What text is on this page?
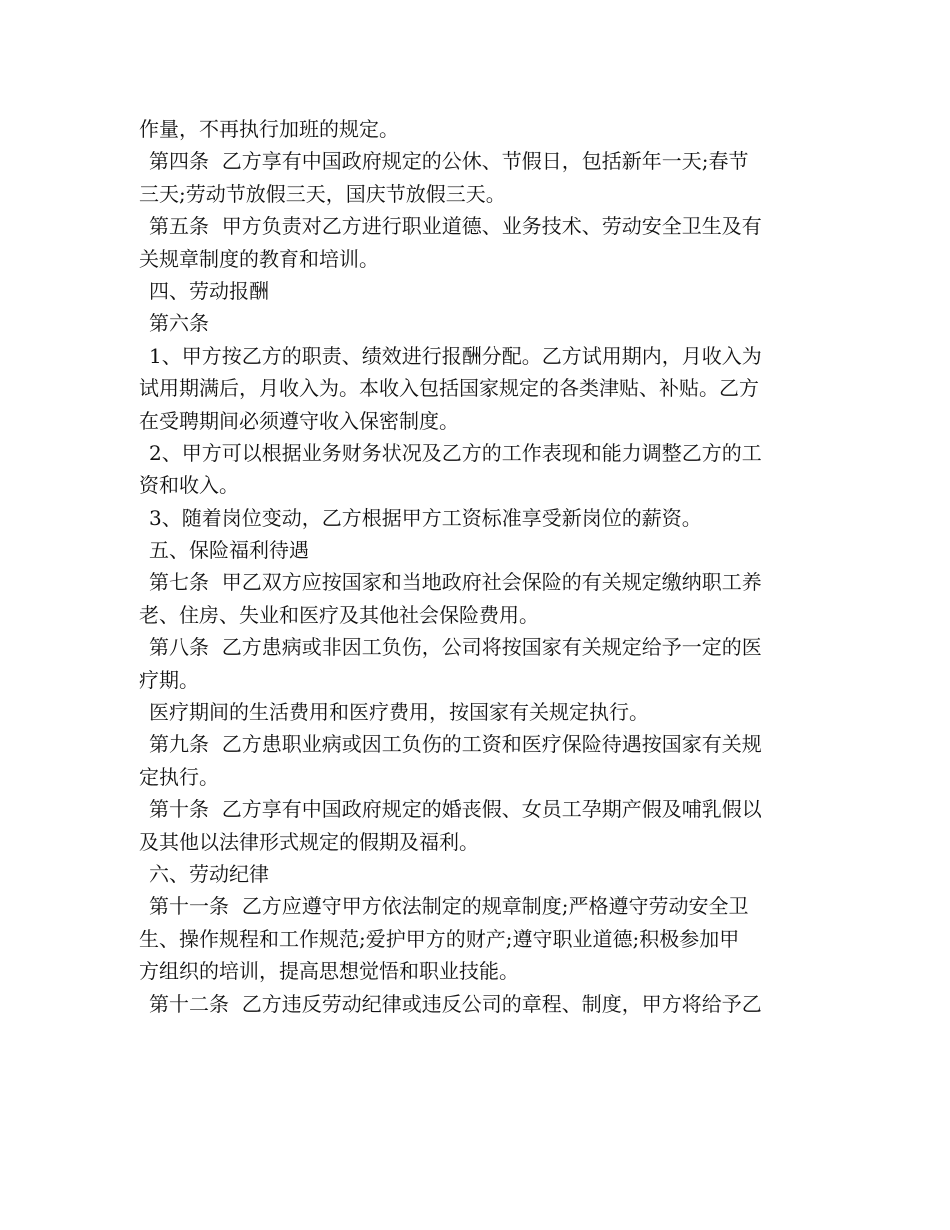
作量，不再执行加班的规定。
第四条  乙方享有中国政府规定的公休、节假日，包括新年一天;春节
三天;劳动节放假三天，国庆节放假三天。
第五条  甲方负责对乙方进行职业道德、业务技术、劳动安全卫生及有
关规章制度的教育和培训。
四、劳动报酬
第六条
1、甲方按乙方的职责、绩效进行报酬分配。乙方试用期内，月收入为
试用期满后，月收入为。本收入包括国家规定的各类津贴、补贴。乙方
在受聘期间必须遵守收入保密制度。
2、甲方可以根据业务财务状况及乙方的工作表现和能力调整乙方的工
资和收入。
3、随着岗位变动，乙方根据甲方工资标准享受新岗位的薪资。
五、保险福利待遇
第七条  甲乙双方应按国家和当地政府社会保险的有关规定缴纳职工养
老、住房、失业和医疗及其他社会保险费用。
第八条  乙方患病或非因工负伤，公司将按国家有关规定给予一定的医
疗期。
医疗期间的生活费用和医疗费用，按国家有关规定执行。
第九条  乙方患职业病或因工负伤的工资和医疗保险待遇按国家有关规
定执行。
第十条  乙方享有中国政府规定的婚丧假、女员工孕期产假及哺乳假以
及其他以法律形式规定的假期及福利。
六、劳动纪律
第十一条  乙方应遵守甲方依法制定的规章制度;严格遵守劳动安全卫
生、操作规程和工作规范;爱护甲方的财产;遵守职业道德;积极参加甲
方组织的培训，提高思想觉悟和职业技能。
第十二条  乙方违反劳动纪律或违反公司的章程、制度，甲方将给予乙
